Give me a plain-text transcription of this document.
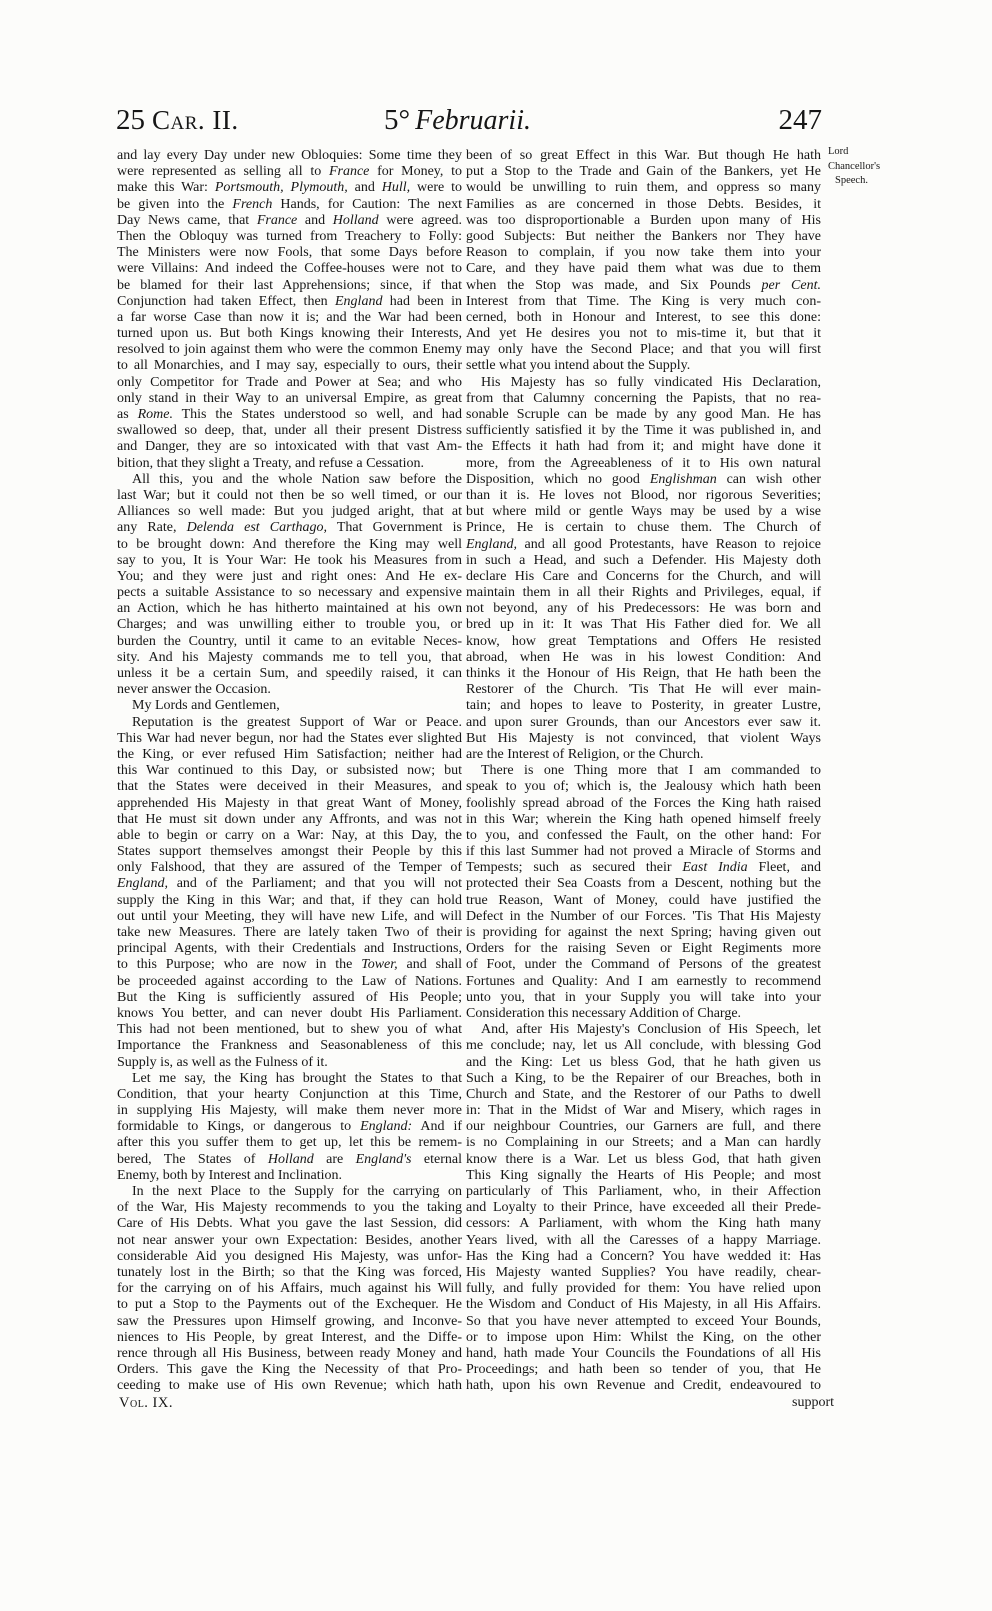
25 Car. II.	5° Februarii.	247
Lord
Chancellor's
Speech.
and lay every Day under new Obloquies: Some time they
were represented as selling all to France for Money, to
make this War: Portsmouth, Plymouth, and Hull, were to
be given into the French Hands, for Caution: The next
Day News came, that France and Holland were agreed.
Then the Obloquy was turned from Treachery to Folly:
The Ministers were now Fools, that some Days before
were Villains: And indeed the Coffee-houses were not to
be blamed for their last Apprehensions; since, if that
Conjunction had taken Effect, then England had been in
a far worse Case than now it is; and the War had been
turned upon us. But both Kings knowing their Interests,
resolved to join against them who were the common Enemy
to all Monarchies, and I may say, especially to ours, their
only Competitor for Trade and Power at Sea; and who
only stand in their Way to an universal Empire, as great
as Rome. This the States understood so well, and had
swallowed so deep, that, under all their present Distress
and Danger, they are so intoxicated with that vast Am-
bition, that they slight a Treaty, and refuse a Cessation.
All this, you and the whole Nation saw before the
last War; but it could not then be so well timed, or our
Alliances so well made: But you judged aright, that at
any Rate, Delenda est Carthago, That Government is
to be brought down: And therefore the King may well
say to you, It is Your War: He took his Measures from
You; and they were just and right ones: And He ex-
pects a suitable Assistance to so necessary and expensive
an Action, which he has hitherto maintained at his own
Charges; and was unwilling either to trouble you, or
burden the Country, until it came to an evitable Neces-
sity. And his Majesty commands me to tell you, that
unless it be a certain Sum, and speedily raised, it can
never answer the Occasion.
My Lords and Gentlemen,
Reputation is the greatest Support of War or Peace.
This War had never begun, nor had the States ever slighted
the King, or ever refused Him Satisfaction; neither had
this War continued to this Day, or subsisted now; but
that the States were deceived in their Measures, and
apprehended His Majesty in that great Want of Money,
that He must sit down under any Affronts, and was not
able to begin or carry on a War: Nay, at this Day, the
States support themselves amongst their People by this
only Falshood, that they are assured of the Temper of
England, and of the Parliament; and that you will not
supply the King in this War; and that, if they can hold
out until your Meeting, they will have new Life, and will
take new Measures. There are lately taken Two of their
principal Agents, with their Credentials and Instructions,
to this Purpose; who are now in the Tower, and shall
be proceeded against according to the Law of Nations.
But the King is sufficiently assured of His People;
knows You better, and can never doubt His Parliament.
This had not been mentioned, but to shew you of what
Importance the Frankness and Seasonableness of this
Supply is, as well as the Fulness of it.
Let me say, the King has brought the States to that
Condition, that your hearty Conjunction at this Time,
in supplying His Majesty, will make them never more
formidable to Kings, or dangerous to England: And if
after this you suffer them to get up, let this be remem-
bered, The States of Holland are England's eternal
Enemy, both by Interest and Inclination.
In the next Place to the Supply for the carrying on
of the War, His Majesty recommends to you the taking
Care of His Debts. What you gave the last Session, did
not near answer your own Expectation: Besides, another
considerable Aid you designed His Majesty, was unfor-
tunately lost in the Birth; so that the King was forced,
for the carrying on of his Affairs, much against his Will
to put a Stop to the Payments out of the Exchequer. He
saw the Pressures upon Himself growing, and Inconve-
niences to His People, by great Interest, and the Diffe-
rence through all His Business, between ready Money and
Orders. This gave the King the Necessity of that Pro-
ceeding to make use of His own Revenue; which hath
been of so great Effect in this War. But though He hath
put a Stop to the Trade and Gain of the Bankers, yet He
would be unwilling to ruin them, and oppress so many
Families as are concerned in those Debts. Besides, it
was too disproportionable a Burden upon many of His
good Subjects: But neither the Bankers nor They have
Reason to complain, if you now take them into your
Care, and they have paid them what was due to them
when the Stop was made, and Six Pounds per Cent.
Interest from that Time. The King is very much con-
cerned, both in Honour and Interest, to see this done:
And yet He desires you not to mis-time it, but that it
may only have the Second Place; and that you will first
settle what you intend about the Supply.
His Majesty has so fully vindicated His Declaration,
from that Calumny concerning the Papists, that no rea-
sonable Scruple can be made by any good Man. He has
sufficiently satisfied it by the Time it was published in, and
the Effects it hath had from it; and might have done it
more, from the Agreeableness of it to His own natural
Disposition, which no good Englishman can wish other
than it is. He loves not Blood, nor rigorous Severities;
but where mild or gentle Ways may be used by a wise
Prince, He is certain to chuse them. The Church of
England, and all good Protestants, have Reason to rejoice
in such a Head, and such a Defender. His Majesty doth
declare His Care and Concerns for the Church, and will
maintain them in all their Rights and Privileges, equal, if
not beyond, any of his Predecessors: He was born and
bred up in it: It was That His Father died for. We all
know, how great Temptations and Offers He resisted
abroad, when He was in his lowest Condition: And
thinks it the Honour of His Reign, that He hath been the
Restorer of the Church. 'Tis That He will ever main-
tain; and hopes to leave to Posterity, in greater Lustre,
and upon surer Grounds, than our Ancestors ever saw it.
But His Majesty is not convinced, that violent Ways
are the Interest of Religion, or the Church.
There is one Thing more that I am commanded to
speak to you of; which is, the Jealousy which hath been
foolishly spread abroad of the Forces the King hath raised
in this War; wherein the King hath opened himself freely
to you, and confessed the Fault, on the other hand: For
if this last Summer had not proved a Miracle of Storms and
Tempests; such as secured their East India Fleet, and
protected their Sea Coasts from a Descent, nothing but the
true Reason, Want of Money, could have justified the
Defect in the Number of our Forces. 'Tis That His Majesty
is providing for against the next Spring; having given out
Orders for the raising Seven or Eight Regiments more
of Foot, under the Command of Persons of the greatest
Fortunes and Quality: And I am earnestly to recommend
unto you, that in your Supply you will take into your
Consideration this necessary Addition of Charge.
And, after His Majesty's Conclusion of His Speech, let
me conclude; nay, let us All conclude, with blessing God
and the King: Let us bless God, that he hath given us
Such a King, to be the Repairer of our Breaches, both in
Church and State, and the Restorer of our Paths to dwell
in: That in the Midst of War and Misery, which rages in
our neighbour Countries, our Garners are full, and there
is no Complaining in our Streets; and a Man can hardly
know there is a War. Let us bless God, that hath given
This King signally the Hearts of His People; and most
particularly of This Parliament, who, in their Affection
and Loyalty to their Prince, have exceeded all their Prede-
cessors: A Parliament, with whom the King hath many
Years lived, with all the Caresses of a happy Marriage.
Has the King had a Concern? You have wedded it: Has
His Majesty wanted Supplies? You have readily, chear-
fully, and fully provided for them: You have relied upon
the Wisdom and Conduct of His Majesty, in all His Affairs.
So that you have never attempted to exceed Your Bounds,
or to impose upon Him: Whilst the King, on the other
hand, hath made Your Councils the Foundations of all His
Proceedings; and hath been so tender of you, that He
hath, upon his own Revenue and Credit, endeavoured to
Vol. IX.	support
